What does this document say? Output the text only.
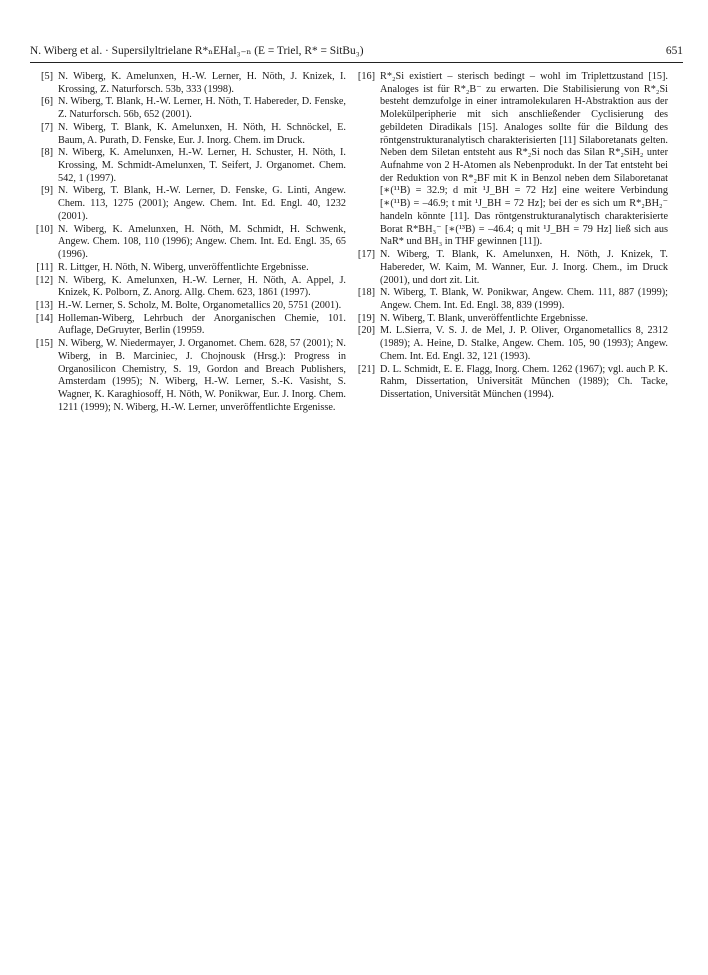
N. Wiberg et al. · Supersilyltrielane R*ₙEHal₃₋ₙ (E = Triel, R* = SitBu₃)	651
[5] N. Wiberg, K. Amelunxen, H.-W. Lerner, H. Nöth, J. Knizek, I. Krossing, Z. Naturforsch. 53b, 333 (1998).
[6] N. Wiberg, T. Blank, H.-W. Lerner, H. Nöth, T. Habereder, D. Fenske, Z. Naturforsch. 56b, 652 (2001).
[7] N. Wiberg, T. Blank, K. Amelunxen, H. Nöth, H. Schnöckel, E. Baum, A. Purath, D. Fenske, Eur. J. Inorg. Chem. im Druck.
[8] N. Wiberg, K. Amelunxen, H.-W. Lerner, H. Schuster, H. Nöth, I. Krossing, M. Schmidt-Amelunxen, T. Seifert, J. Organomet. Chem. 542, 1 (1997).
[9] N. Wiberg, T. Blank, H.-W. Lerner, D. Fenske, G. Linti, Angew. Chem. 113, 1275 (2001); Angew. Chem. Int. Ed. Engl. 40, 1232 (2001).
[10] N. Wiberg, K. Amelunxen, H. Nöth, M. Schmidt, H. Schwenk, Angew. Chem. 108, 110 (1996); Angew. Chem. Int. Ed. Engl. 35, 65 (1996).
[11] R. Littger, H. Nöth, N. Wiberg, unveröffentlichte Ergebnisse.
[12] N. Wiberg, K. Amelunxen, H.-W. Lerner, H. Nöth, A. Appel, J. Knizek, K. Polborn, Z. Anorg. Allg. Chem. 623, 1861 (1997).
[13] H.-W. Lerner, S. Scholz, M. Bolte, Organometallics 20, 5751 (2001).
[14] Holleman-Wiberg, Lehrbuch der Anorganischen Chemie, 101. Auflage, DeGruyter, Berlin (19959.
[15] N. Wiberg, W. Niedermayer, J. Organomet. Chem. 628, 57 (2001); N. Wiberg, in B. Marciniec, J. Chojnousk (Hrsg.): Progress in Organosilicon Chemistry, S. 19, Gordon and Breach Publishers, Amsterdam (1995); N. Wiberg, H.-W. Lerner, S.-K. Vasisht, S. Wagner, K. Karaghiosoff, H. Nöth, W. Ponikwar, Eur. J. Inorg. Chem. 1211 (1999); N. Wiberg, H.-W. Lerner, unveröffentlichte Ergenisse.
[16] R*₂Si existiert – sterisch bedingt – wohl im Triplettzustand [15]. Analoges ist für R*₂B⁻ zu erwarten. Die Stabilisierung von R*₂Si besteht demzufolge in einer intramolekularen H-Abstraktion aus der Molekülperipherie mit sich anschließender Cyclisierung des gebildeten Diradikals [15]. Analoges sollte für die Bildung des röntgenstrukturanalytisch charakterisierten [11] Silaboretanats gelten. Neben dem Siletan entsteht aus R*₂Si noch das Silan R*₂SiH₂ unter Aufnahme von 2 H-Atomen als Nebenprodukt. In der Tat entsteht bei der Reduktion von R*₂BF mit K in Benzol neben dem Silaboretanat [∗(¹¹B) = 32.9; d mit ¹J_BH = 72 Hz] eine weitere Verbindung [∗(¹¹B) = –46.9; t mit ¹J_BH = 72 Hz]; bei der es sich um R*₂BH₂⁻ handeln könnte [11]. Das röntgenstrukturanalytisch charakterisierte Borat R*BH₃⁻ [∗(¹³B) = –46.4; q mit ¹J_BH = 79 Hz] ließ sich aus NaR* und BH₃ in THF gewinnen [11]).
[17] N. Wiberg, T. Blank, K. Amelunxen, H. Nöth, J. Knizek, T. Habereder, W. Kaim, M. Wanner, Eur. J. Inorg. Chem., im Druck (2001), und dort zit. Lit.
[18] N. Wiberg, T. Blank, W. Ponikwar, Angew. Chem. 111, 887 (1999); Angew. Chem. Int. Ed. Engl. 38, 839 (1999).
[19] N. Wiberg, T. Blank, unveröffentlichte Ergebnisse.
[20] M. L.Sierra, V. S. J. de Mel, J. P. Oliver, Organometallics 8, 2312 (1989); A. Heine, D. Stalke, Angew. Chem. 105, 90 (1993); Angew. Chem. Int. Ed. Engl. 32, 121 (1993).
[21] D. L. Schmidt, E. E. Flagg, Inorg. Chem. 1262 (1967); vgl. auch P. K. Rahm, Dissertation, Universität München (1989); Ch. Tacke, Dissertation, Universität München (1994).
